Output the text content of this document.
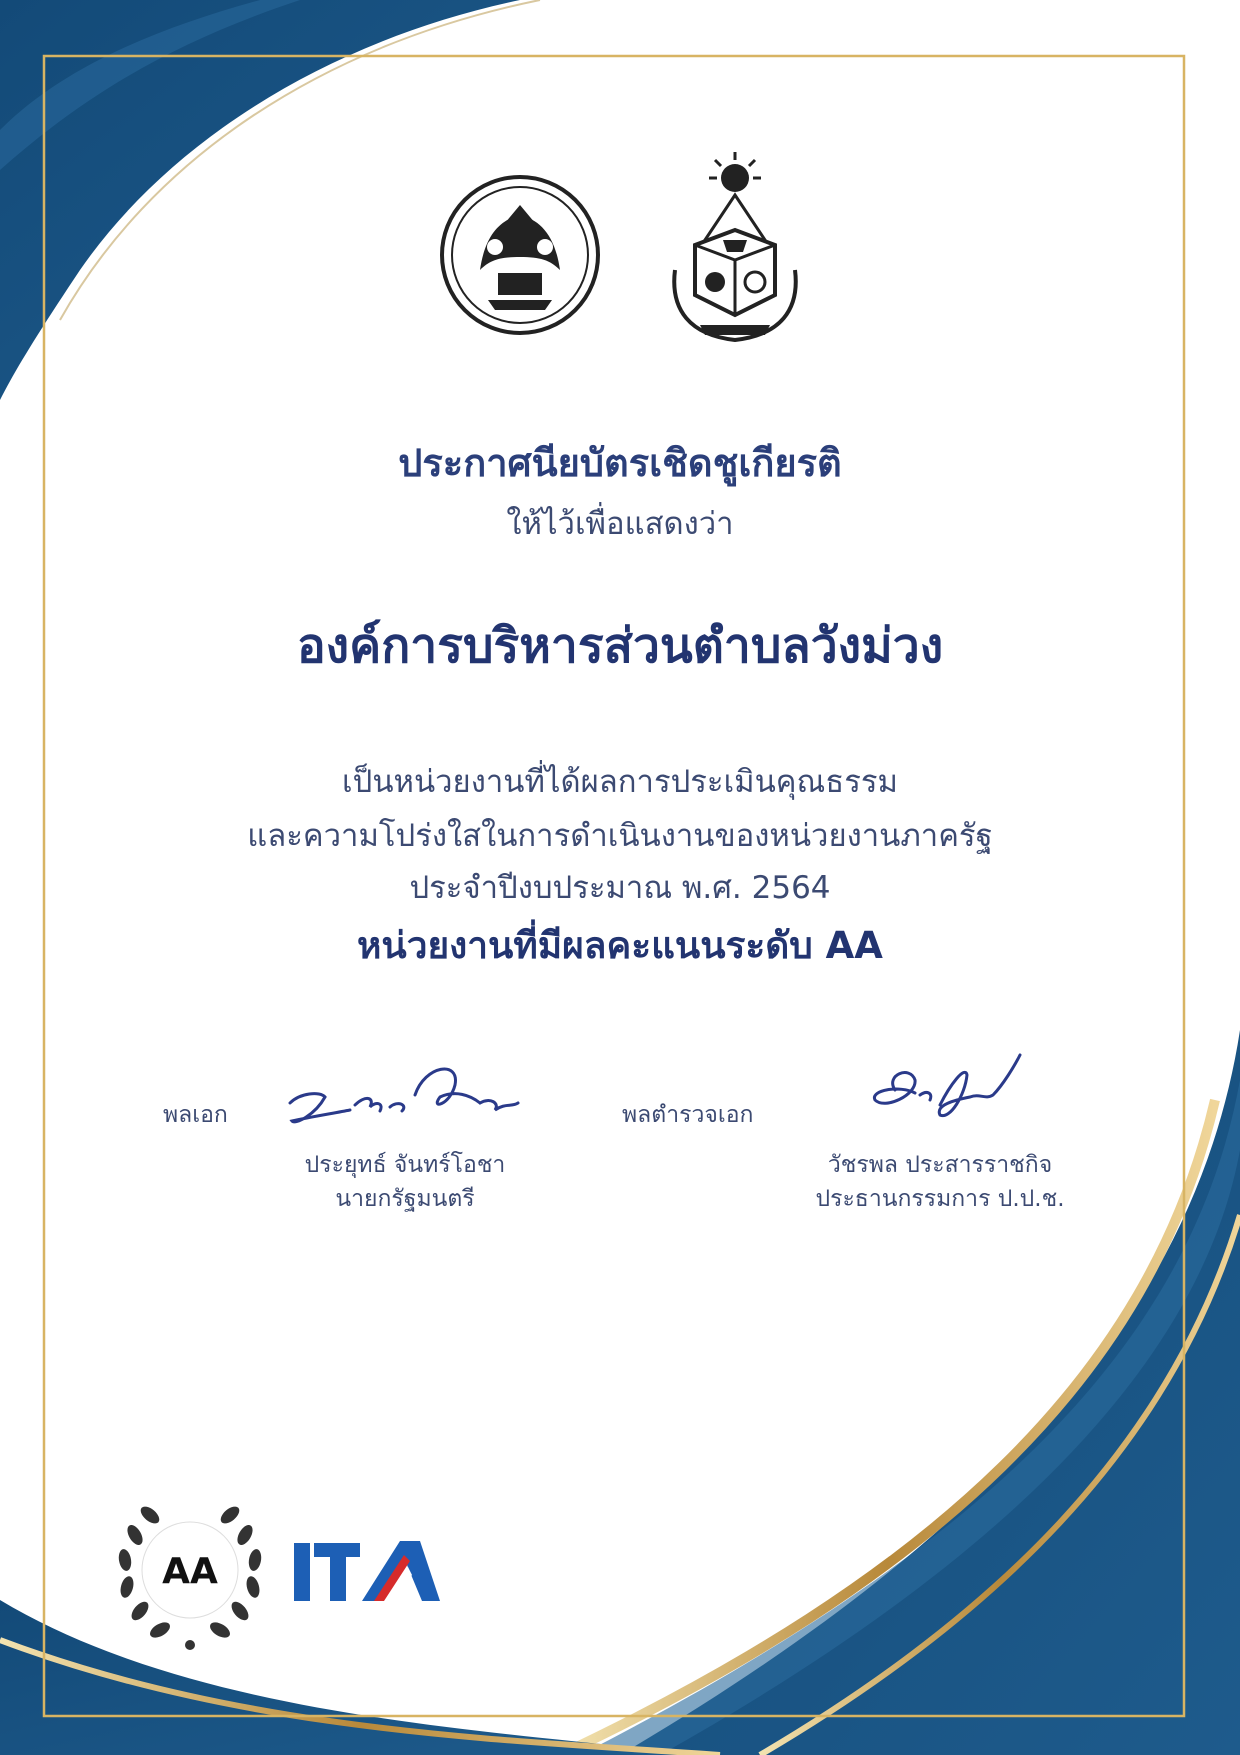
ประกาศนียบัตรเชิดชูเกียรติ
ให้ไว้เพื่อแสดงว่า
องค์การบริหารส่วนตำบลวังม่วง
เป็นหน่วยงานที่ได้ผลการประเมินคุณธรรม
และความโปร่งใสในการดำเนินงานของหน่วยงานภาครัฐ
ประจำปีงบประมาณ พ.ศ. 2564
หน่วยงานที่มีผลคะแนนระดับ AA
พลเอก
ประยุทธ์ จันทร์โอชา
นายกรัฐมนตรี
พลตำรวจเอก
วัชรพล ประสารราชกิจ
ประธานกรรมการ ป.ป.ช.
AA
